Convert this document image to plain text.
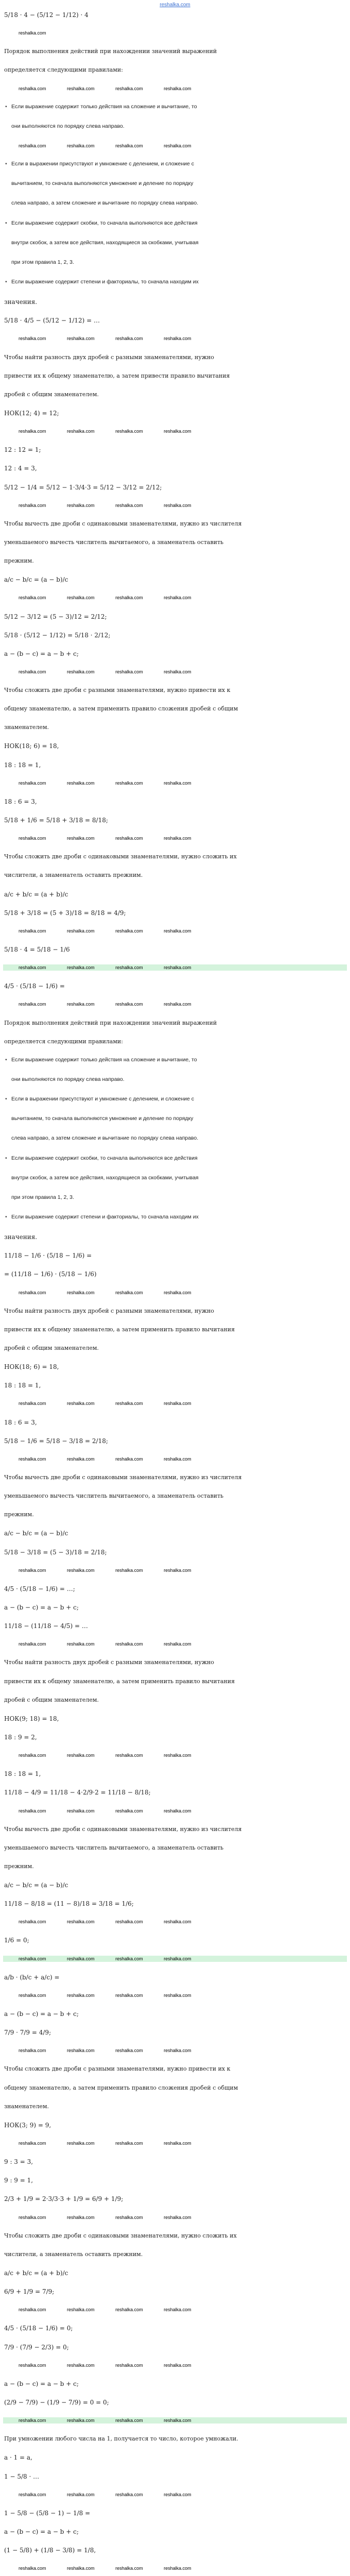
reshalka.com
5/18 · 4 − (5/12 − 1/12) · 4
reshalka.com
Порядок выполнения действий при нахождении значений выражений
определяется следующими правилами:
reshalka.com	reshalka.com	reshalka.com	reshalka.com
• Если выражение содержит только действия на сложение и вычитание, то
они выполняются по порядку слева направо.
reshalka.com	reshalka.com	reshalka.com	reshalka.com
• Если в выражении присутствуют и умножение с делением, и сложение с
вычитанием, то сначала выполняются умножение и деление по порядку
слева направо, а затем сложение и вычитание по порядку слева направо.
• Если выражение содержит скобки, то сначала выполняются все действия
внутри скобок, а затем все действия, находящиеся за скобками, учитывая
при этом правила 1, 2, 3.
• Если выражение содержит степени и факториалы, то сначала находим их
значения.
5/18 · 4/5 − (5/12 − 1/12) = …
reshalka.com	reshalka.com	reshalka.com	reshalka.com
Чтобы найти разность двух дробей с разными знаменателями, нужно
привести их к общему знаменателю, а затем привести правило вычитания
дробей с общим знаменателем.
НОК(12; 4) = 12;
reshalka.com	reshalka.com	reshalka.com	reshalka.com
12 : 12 = 1;
12 : 4 = 3,
5/12 − 1/4 = 5/12 − 1·3/4·3 = 5/12 − 3/12 = 2/12;
reshalka.com	reshalka.com	reshalka.com	reshalka.com
Чтобы вычесть две дроби с одинаковыми знаменателями, нужно из числителя
уменьшаемого вычесть числитель вычитаемого, а знаменатель оставить
прежним.
a/c − b/c = (a − b)/c
reshalka.com	reshalka.com	reshalka.com	reshalka.com
5/12 − 3/12 = (5 − 3)/12 = 2/12;
5/18 · (5/12 − 1/12) = 5/18 · 2/12;
a − (b − c) = a − b + c;
reshalka.com	reshalka.com	reshalka.com	reshalka.com
Чтобы сложить две дроби с разными знаменателями, нужно привести их к
общему знаменателю, а затем применить правило сложения дробей с общим
знаменателем.
НОК(18; 6) = 18,
18 : 18 = 1,
reshalka.com	reshalka.com	reshalka.com	reshalka.com
18 : 6 = 3,
5/18 + 1/6 = 5/18 + 3/18 = 8/18;
reshalka.com	reshalka.com	reshalka.com	reshalka.com
Чтобы сложить две дроби с одинаковыми знаменателями, нужно сложить их
числители, а знаменатель оставить прежним.
a/c + b/c = (a + b)/c
5/18 + 3/18 = (5 + 3)/18 = 8/18 = 4/9;
reshalka.com	reshalka.com	reshalka.com	reshalka.com
5/18 · 4 = 5/18 − 1/6
reshalka.com	reshalka.com	reshalka.com	reshalka.com
4/5 · (5/18 − 1/6) =
reshalka.com	reshalka.com	reshalka.com	reshalka.com
Порядок выполнения действий при нахождении значений выражений
определяется следующими правилами:
• Если выражение содержит только действия на сложение и вычитание, то
они выполняются по порядку слева направо.
• Если в выражении присутствуют и умножение с делением, и сложение с
вычитанием, то сначала выполняются умножение и деление по порядку
слева направо, а затем сложение и вычитание по порядку слева направо.
• Если выражение содержит скобки, то сначала выполняются все действия
внутри скобок, а затем все действия, находящиеся за скобками, учитывая
при этом правила 1, 2, 3.
• Если выражение содержит степени и факториалы, то сначала находим их
значения.
11/18 − 1/6 · (5/18 − 1/6) =
= (11/18 − 1/6) · (5/18 − 1/6)
reshalka.com	reshalka.com	reshalka.com	reshalka.com
Чтобы найти разность двух дробей с разными знаменателями, нужно
привести их к общему знаменателю, а затем применить правило вычитания
дробей с общим знаменателем.
НОК(18; 6) = 18,
18 : 18 = 1,
reshalka.com	reshalka.com	reshalka.com	reshalka.com
18 : 6 = 3,
5/18 − 1/6 = 5/18 − 3/18 = 2/18;
reshalka.com	reshalka.com	reshalka.com	reshalka.com
Чтобы вычесть две дроби с одинаковыми знаменателями, нужно из числителя
уменьшаемого вычесть числитель вычитаемого, а знаменатель оставить
прежним.
a/c − b/c = (a − b)/c
5/18 − 3/18 = (5 − 3)/18 = 2/18;
reshalka.com	reshalka.com	reshalka.com	reshalka.com
4/5 · (5/18 − 1/6) = …;
a − (b − c) = a − b + c;
11/18 − (11/18 − 4/5) = …
reshalka.com	reshalka.com	reshalka.com	reshalka.com
Чтобы найти разность двух дробей с разными знаменателями, нужно
привести их к общему знаменателю, а затем применить правило вычитания
дробей с общим знаменателем.
НОК(9; 18) = 18,
18 : 9 = 2,
reshalka.com	reshalka.com	reshalka.com	reshalka.com
18 : 18 = 1,
11/18 − 4/9 = 11/18 − 4·2/9·2 = 11/18 − 8/18;
reshalka.com	reshalka.com	reshalka.com	reshalka.com
Чтобы вычесть две дроби с одинаковыми знаменателями, нужно из числителя
уменьшаемого вычесть числитель вычитаемого, а знаменатель оставить
прежним.
a/c − b/c = (a − b)/c
11/18 − 8/18 = (11 − 8)/18 = 3/18 = 1/6;
reshalka.com	reshalka.com	reshalka.com	reshalka.com
1/6 = 0;
reshalka.com	reshalka.com	reshalka.com	reshalka.com
a/b · (b/c + a/c) =
reshalka.com	reshalka.com	reshalka.com	reshalka.com
a − (b − c) = a − b + c;
7/9 · 7/9 = 4/9;
reshalka.com	reshalka.com	reshalka.com	reshalka.com
Чтобы сложить две дроби с разными знаменателями, нужно привести их к
общему знаменателю, а затем применить правило сложения дробей с общим
знаменателем.
НОК(3; 9) = 9,
reshalka.com	reshalka.com	reshalka.com	reshalka.com
9 : 3 = 3,
9 : 9 = 1,
2/3 + 1/9 = 2·3/3·3 + 1/9 = 6/9 + 1/9;
reshalka.com	reshalka.com	reshalka.com	reshalka.com
Чтобы сложить две дроби с одинаковыми знаменателями, нужно сложить их
числители, а знаменатель оставить прежним.
a/c + b/c = (a + b)/c
6/9 + 1/9 = 7/9;
reshalka.com	reshalka.com	reshalka.com	reshalka.com
4/5 · (5/18 − 1/6) = 0;
7/9 · (7/9 − 2/3) = 0;
reshalka.com	reshalka.com	reshalka.com	reshalka.com
a − (b − c) = a − b + c;
(2/9 − 7/9) − (1/9 − 7/9) = 0 = 0;
reshalka.com	reshalka.com	reshalka.com	reshalka.com
При умножении любого числа на 1, получается то число, которое умножали.
a · 1 = a,
1 − 5/8 · …
reshalka.com	reshalka.com	reshalka.com	reshalka.com
1 − 5/8 − (5/8 − 1) − 1/8 =
a − (b − c) = a − b + c;
(1 − 5/8) + (1/8 − 3/8) = 1/8,
reshalka.com	reshalka.com	reshalka.com	reshalka.com
